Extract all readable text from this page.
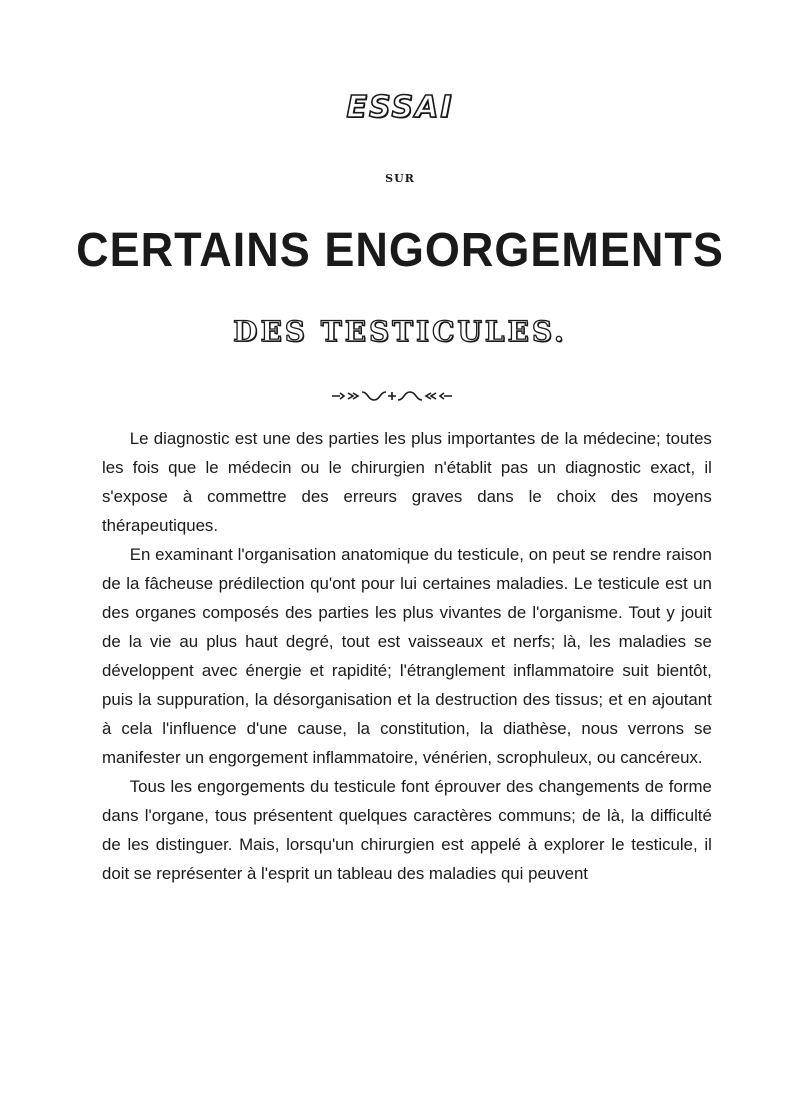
ESSAI
SUR
CERTAINS ENGORGEMENTS
DES TESTICULES.

Le diagnostic est une des parties les plus importantes de la médecine; toutes les fois que le médecin ou le chirurgien n'établit pas un diagnostic exact, il s'expose à commettre des erreurs graves dans le choix des moyens thérapeutiques.

En examinant l'organisation anatomique du testicule, on peut se rendre raison de la fâcheuse prédilection qu'ont pour lui certaines maladies. Le testicule est un des organes composés des parties les plus vivantes de l'organisme. Tout y jouit de la vie au plus haut degré, tout est vaisseaux et nerfs; là, les maladies se développent avec énergie et rapidité; l'étranglement inflammatoire suit bientôt, puis la suppuration, la désorganisation et la destruction des tissus; et en ajoutant à cela l'influence d'une cause, la constitution, la diathèse, nous verrons se manifester un engorgement inflammatoire, vénérien, scrophuleux, ou cancéreux.

Tous les engorgements du testicule font éprouver des changements de forme dans l'organe, tous présentent quelques caractères communs; de là, la difficulté de les distinguer. Mais, lorsqu'un chirurgien est appelé à explorer le testicule, il doit se représenter à l'esprit un tableau des maladies qui peuvent
